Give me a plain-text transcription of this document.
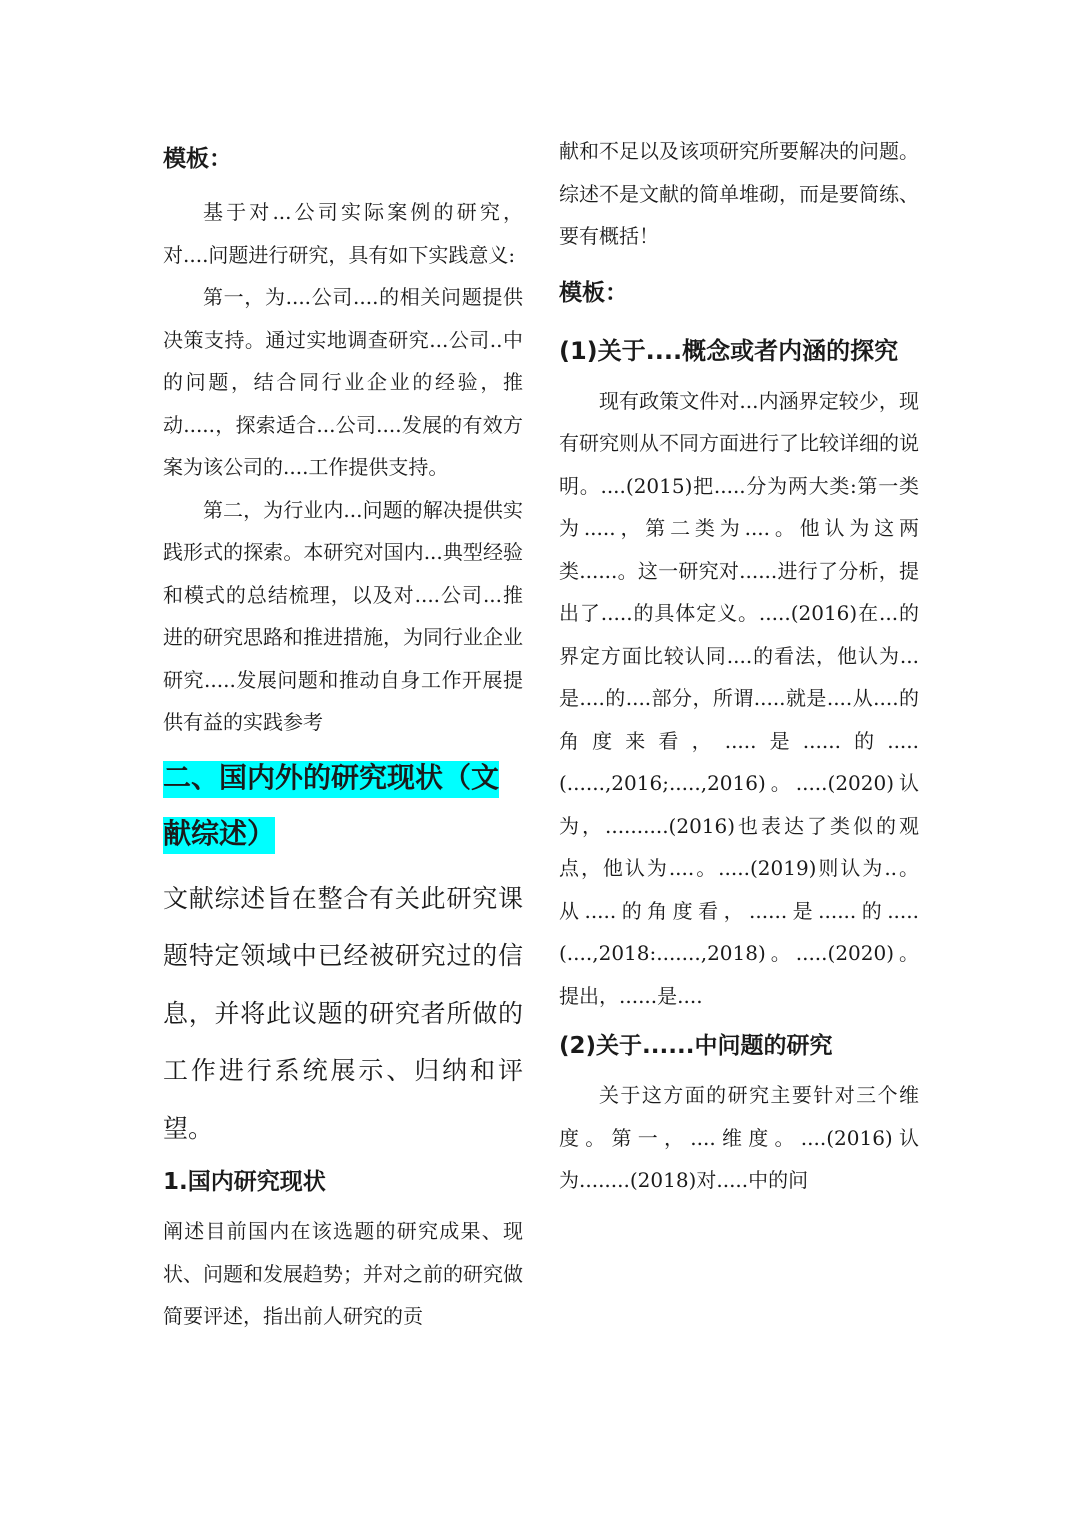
模板：

基于对...公司实际案例的研究，对....问题进行研究，具有如下实践意义:

第一，为....公司....的相关问题提供决策支持。通过实地调查研究...公司..中的问题，结合同行业企业的经验，推动.....，探索适合...公司....发展的有效方案为该公司的....工作提供支持。

第二，为行业内...问题的解决提供实践形式的探索。本研究对国内...典型经验和模式的总结梳理，以及对....公司...推进的研究思路和推进措施，为同行业企业研究.....发展问题和推动自身工作开展提供有益的实践参考

二、国内外的研究现状（文献综述）

文献综述旨在整合有关此研究课题特定领域中已经被研究过的信息，并将此议题的研究者所做的工作进行系统展示、归纳和评望。

1.国内研究现状

阐述目前国内在该选题的研究成果、现状、问题和发展趋势；并对之前的研究做简要评述，指出前人研究的贡

献和不足以及该项研究所要解决的问题。综述不是文献的简单堆砌，而是要简练、要有概括！

模板：

(1)关于....概念或者内涵的探究

现有政策文件对...内涵界定较少，现有研究则从不同方面进行了比较详细的说明。....(2015)把.....分为两大类:第一类为.....，第二类为....。他认为这两类......。这一研究对......进行了分析，提出了.....的具体定义。.....(2016)在...的界定方面比较认同....的看法，他认为...是....的....部分，所谓.....就是....从....的角度来看，.....是......的.....(......,2016;.....,2016)。.....(2020)认为，..........(2016)也表达了类似的观点，他认为....。.....(2019)则认为..。从.....的角度看，......是......的.....(....,2018:.......,2018)。.....(2020)。提出，......是....

(2)关于......中问题的研究

关于这方面的研究主要针对三个维度。第一，....维度。....(2016)认为........(2018)对.....中的问
